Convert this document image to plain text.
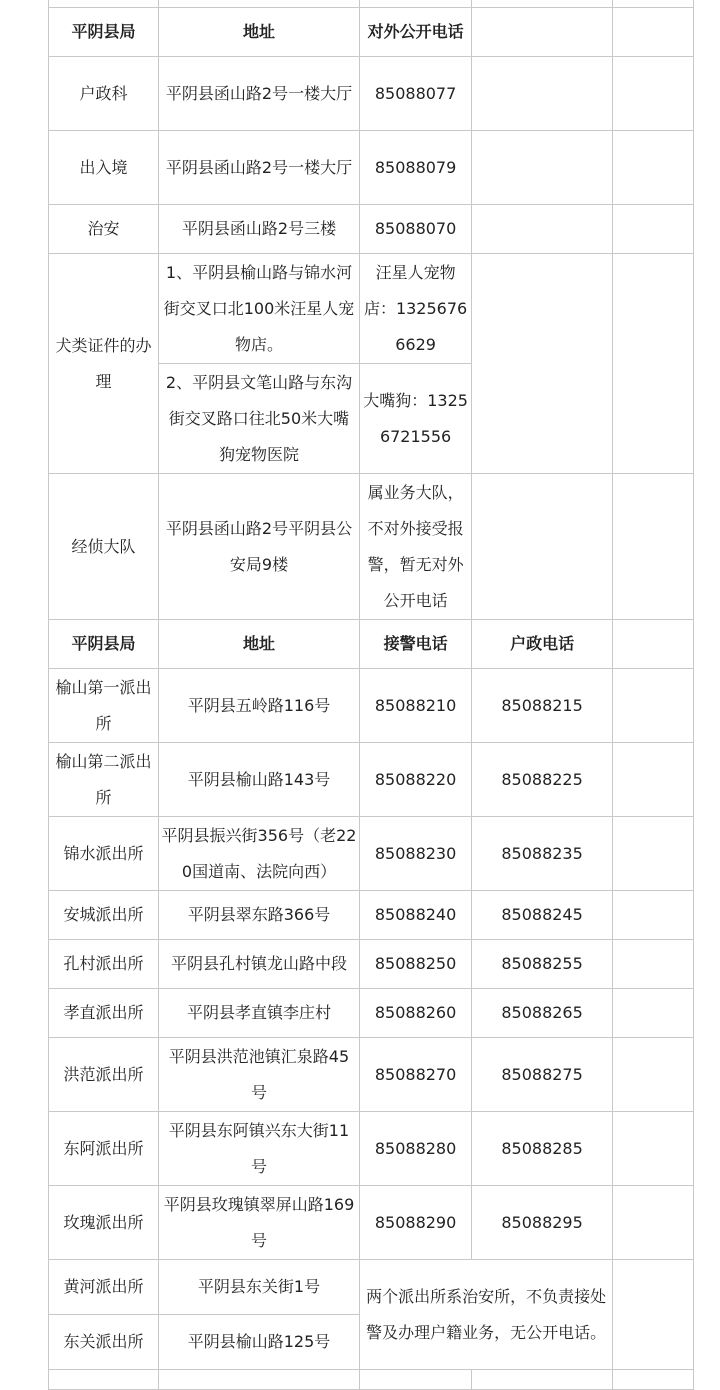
平阴县局	地址	对外公开电话		
户政科	平阴县函山路2号一楼大厅	85088077		
出入境	平阴县函山路2号一楼大厅	85088079		
治安	平阴县函山路2号三楼	85088070		
犬类证件的办理	1、平阴县榆山路与锦水河街交叉口北100米汪星人宠物店。	汪星人宠物店：13256766629		
	2、平阴县文笔山路与东沟街交叉路口往北50米大嘴狗宠物医院	大嘴狗：13256721556		
经侦大队	平阴县函山路2号平阴县公安局9楼	属业务大队，不对外接受报警，暂无对外公开电话		
平阴县局	地址	接警电话	户政电话	
榆山第一派出所	平阴县五岭路116号	85088210	85088215	
榆山第二派出所	平阴县榆山路143号	85088220	85088225	
锦水派出所	平阴县振兴街356号（老220国道南、法院向西）	85088230	85088235	
安城派出所	平阴县翠东路366号	85088240	85088245	
孔村派出所	平阴县孔村镇龙山路中段	85088250	85088255	
孝直派出所	平阴县孝直镇李庄村	85088260	85088265	
洪范派出所	平阴县洪范池镇汇泉路45号	85088270	85088275	
东阿派出所	平阴县东阿镇兴东大街11号	85088280	85088285	
玫瑰派出所	平阴县玫瑰镇翠屏山路169号	85088290	85088295	
黄河派出所	平阴县东关街1号	两个派出所系治安所，不负责接处警及办理户籍业务，无公开电话。		
东关派出所	平阴县榆山路125号			
